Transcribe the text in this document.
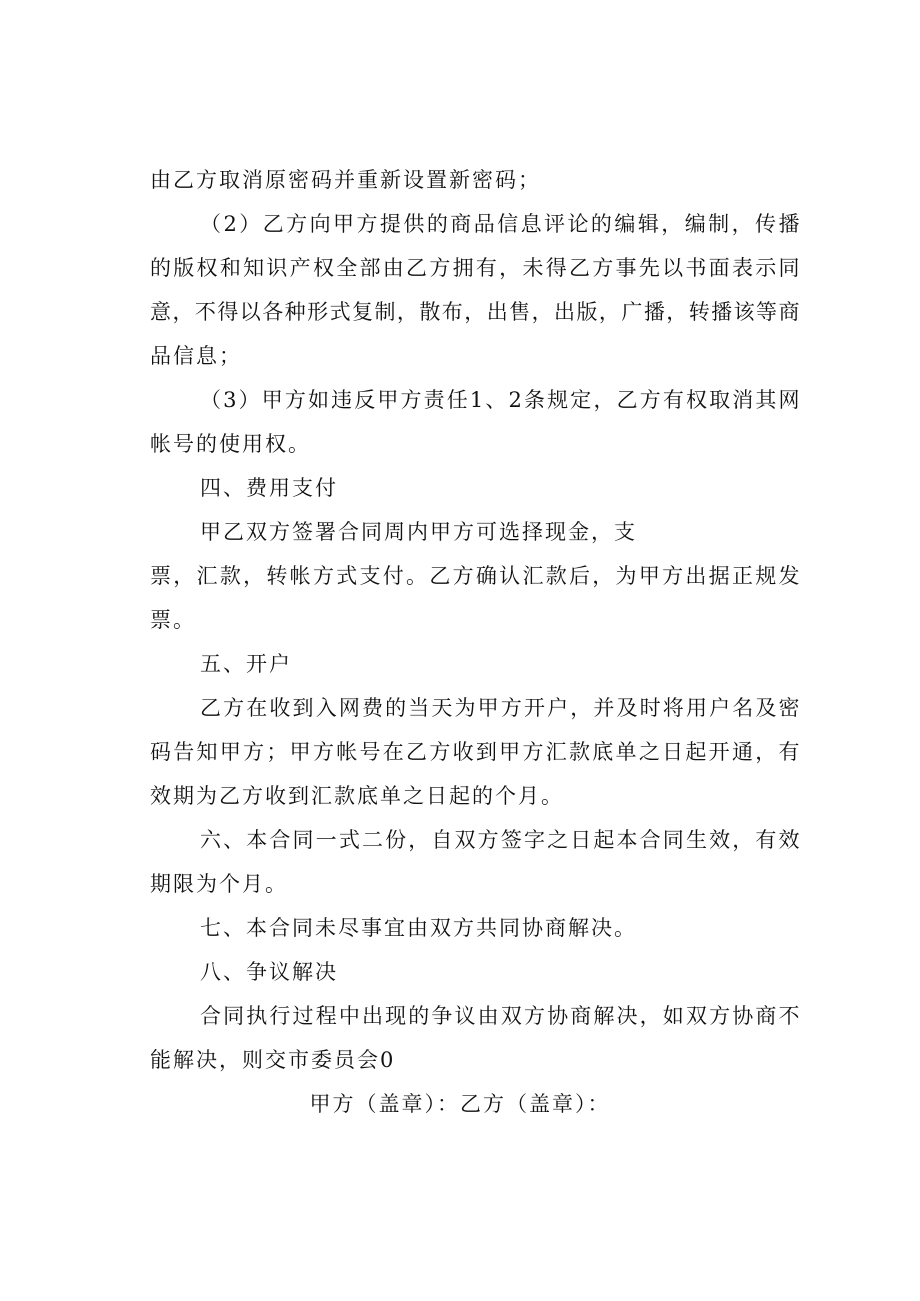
由乙方取消原密码并重新设置新密码；
（2）乙方向甲方提供的商品信息评论的编辑，编制，传播
的版权和知识产权全部由乙方拥有，未得乙方事先以书面表示同
意，不得以各种形式复制，散布，出售，出版，广播，转播该等商
品信息；
（3）甲方如违反甲方责任1、2条规定，乙方有权取消其网
帐号的使用权。
四、费用支付
甲乙双方签署合同周内甲方可选择现金，支
票，汇款，转帐方式支付。乙方确认汇款后，为甲方出据正规发
票。
五、开户
乙方在收到入网费的当天为甲方开户，并及时将用户名及密
码告知甲方；甲方帐号在乙方收到甲方汇款底单之日起开通，有
效期为乙方收到汇款底单之日起的个月。
六、本合同一式二份，自双方签字之日起本合同生效，有效
期限为个月。
七、本合同未尽事宜由双方共同协商解决。
八、争议解决
合同执行过程中出现的争议由双方协商解决，如双方协商不
能解决，则交市委员会0
甲方（盖章）：乙方（盖章）：
